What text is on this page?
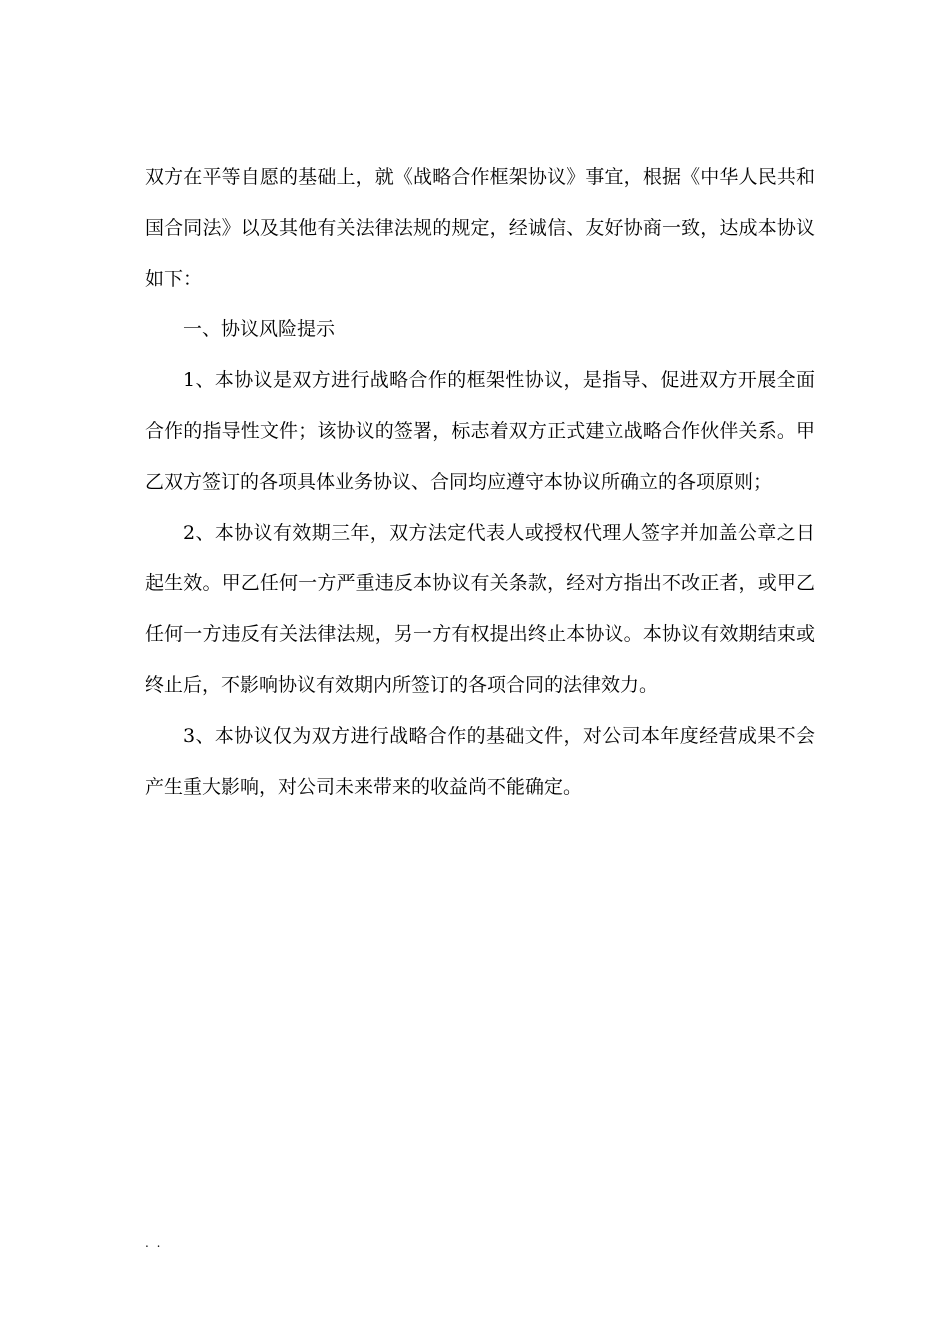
双方在平等自愿的基础上，就《战略合作框架协议》事宜，根据《中华人民共和国合同法》以及其他有关法律法规的规定，经诚信、友好协商一致，达成本协议如下：

一、协议风险提示

1、本协议是双方进行战略合作的框架性协议，是指导、促进双方开展全面合作的指导性文件；该协议的签署，标志着双方正式建立战略合作伙伴关系。甲乙双方签订的各项具体业务协议、合同均应遵守本协议所确立的各项原则；

2、本协议有效期三年，双方法定代表人或授权代理人签字并加盖公章之日起生效。甲乙任何一方严重违反本协议有关条款，经对方指出不改正者，或甲乙任何一方违反有关法律法规，另一方有权提出终止本协议。本协议有效期结束或终止后，不影响协议有效期内所签订的各项合同的法律效力。

3、本协议仅为双方进行战略合作的基础文件，对公司本年度经营成果不会产生重大影响，对公司未来带来的收益尚不能确定。

. .
